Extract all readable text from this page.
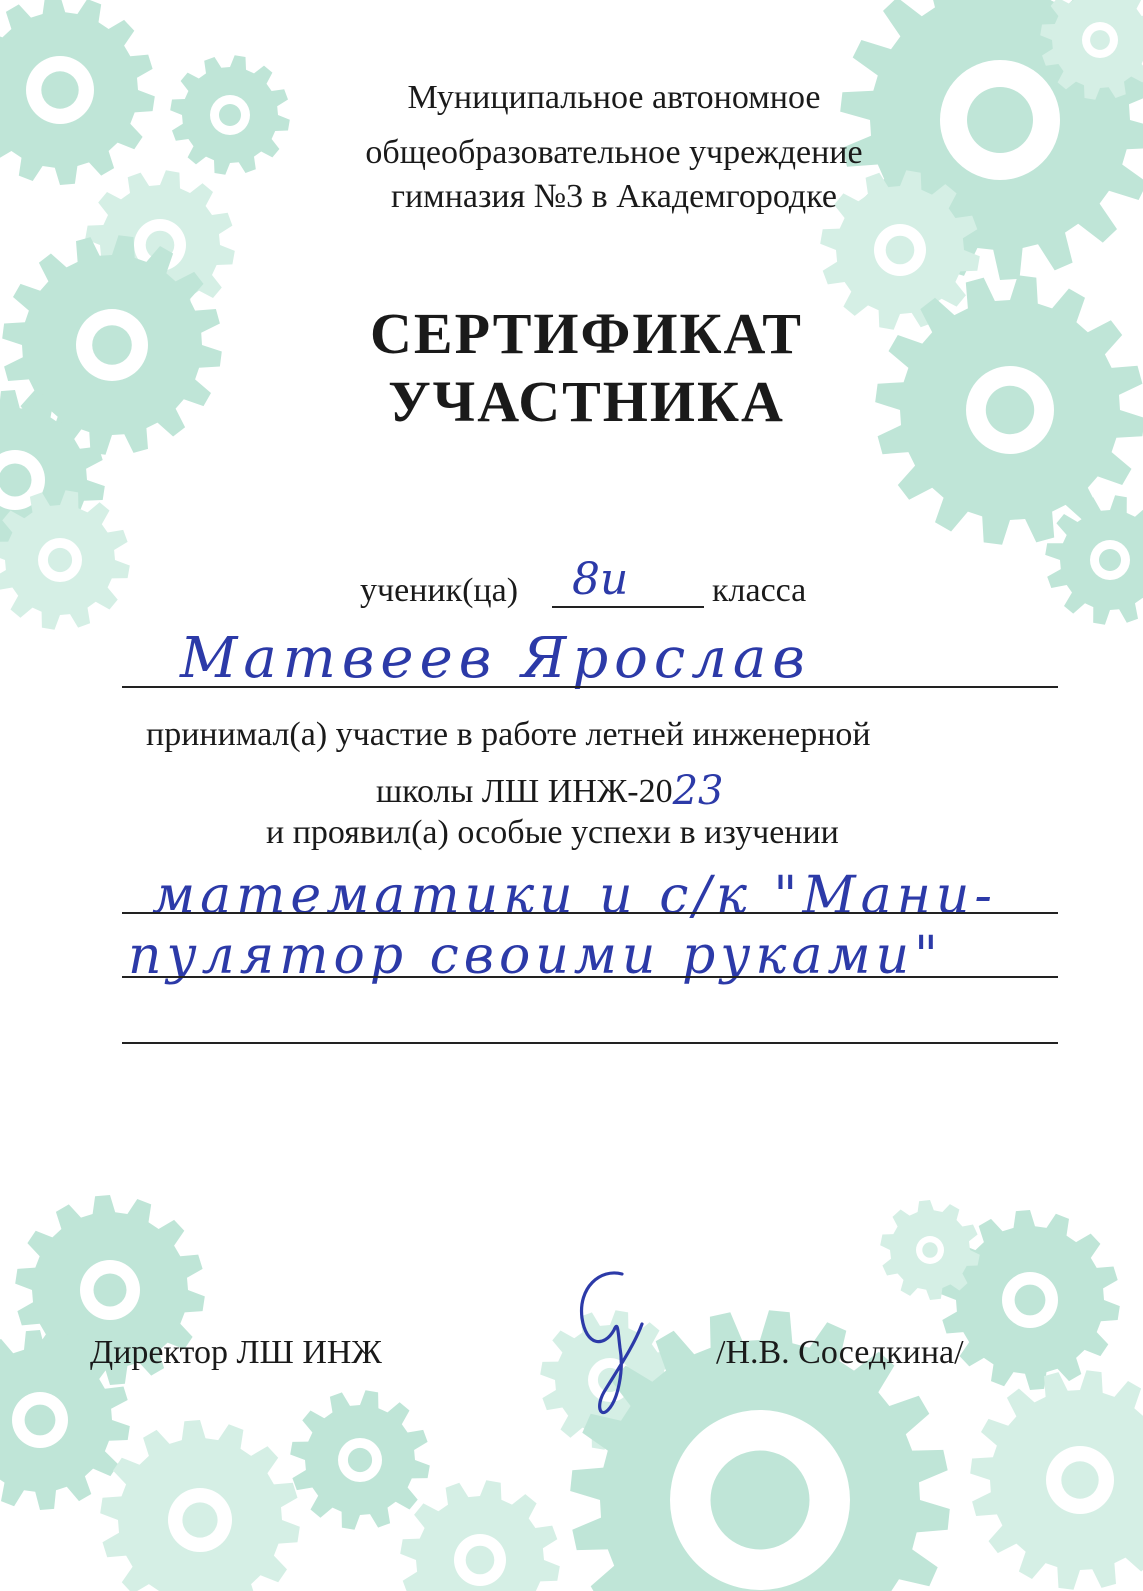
Муниципальное автономное
общеобразовательное учреждение
гимназия №3 в Академгородке
СЕРТИФИКАТ
УЧАСТНИКА
ученик(ца) 8и класса
Матвеев Ярослав
принимал(а) участие в работе летней инженерной
школы ЛШ ИНЖ-2023
и проявил(а) особые успехи в изучении
математики и с/к "Мани-
пулятор своими руками"
Директор ЛШ ИНЖ	/Н.В. Соседкина/
